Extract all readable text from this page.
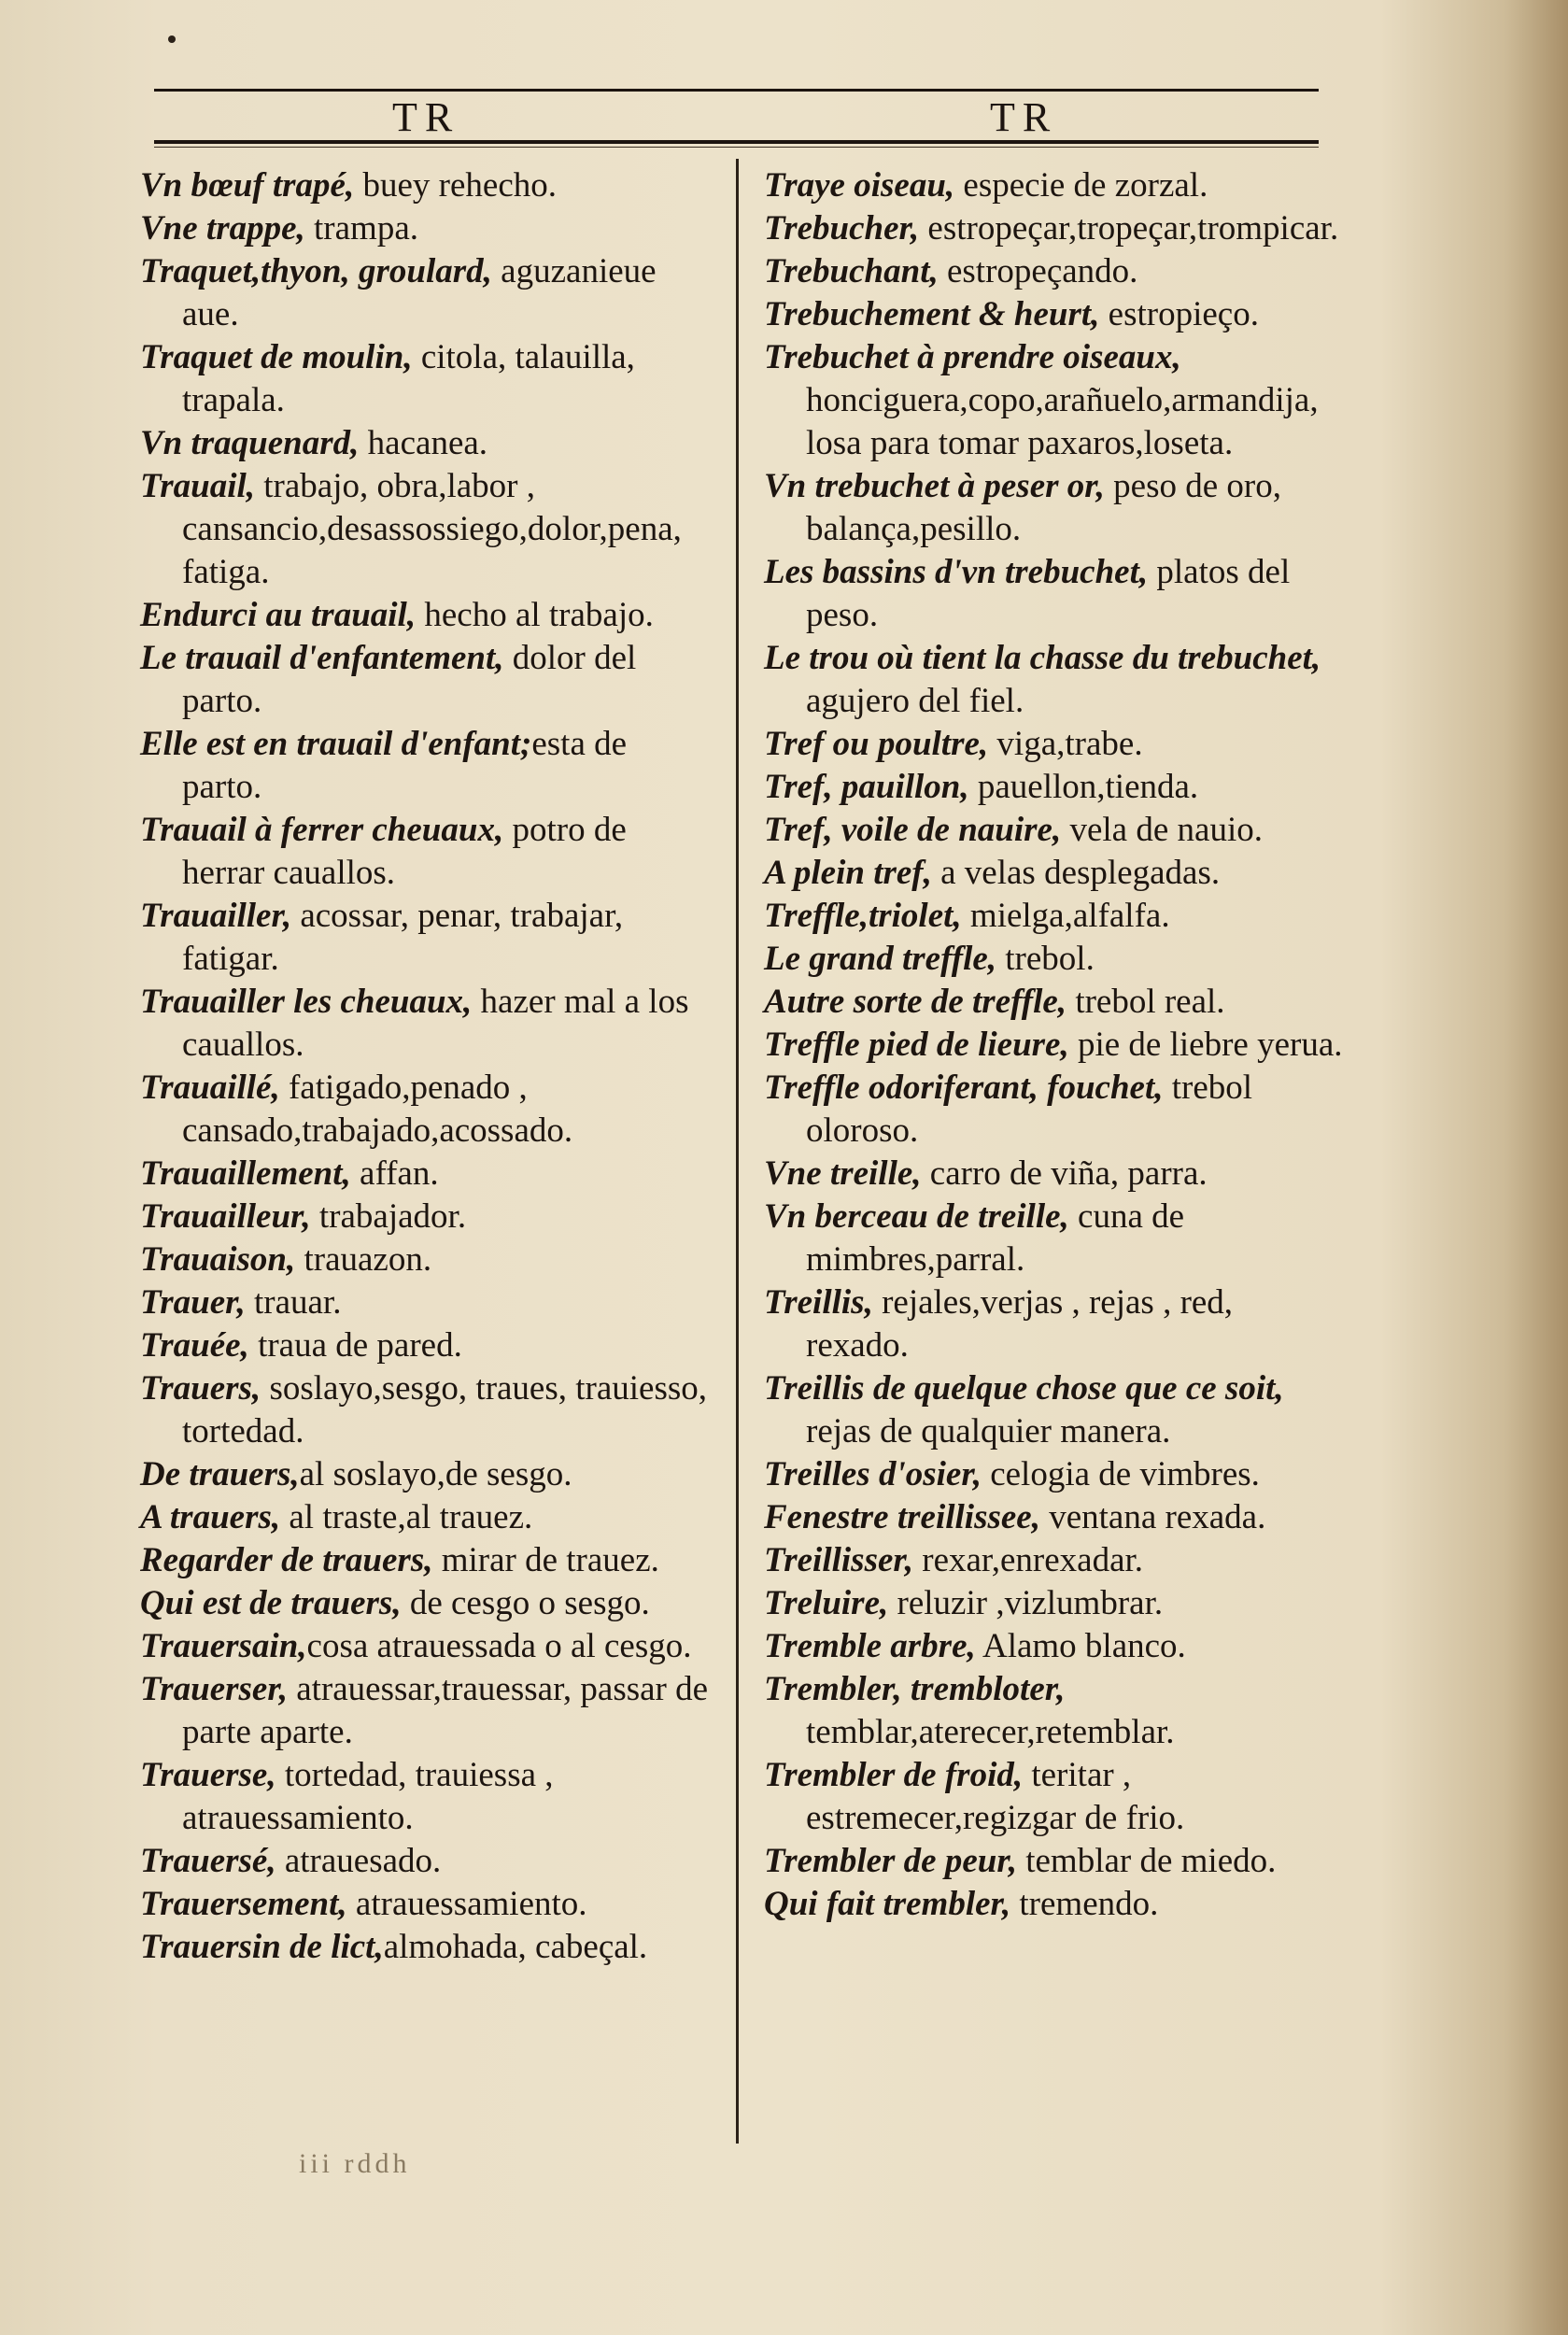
TR	TR

Vn bœuf trapé, buey rehecho.

Vne trappe, trampa.

Traquet,thyon, groulard, aguzanieue aue.

Traquet de moulin, citola, talauilla, trapala.

Vn traquenard, hacanea.

Trauail, trabajo, obra,labor , cansancio,desassossiego,dolor,pena, fatiga.

Endurci au trauail, hecho al trabajo.

Le trauail d'enfantement, dolor del parto.

Elle est en trauail d'enfant;esta de parto.

Trauail à ferrer cheuaux, potro de herrar cauallos.

Trauailler, acossar, penar, trabajar, fatigar.

Trauailler les cheuaux, hazer mal a los cauallos.

Trauaillé, fatigado,penado , cansado,trabajado,acossado.

Trauaillement, affan.

Trauailleur, trabajador.

Trauaison, trauazon.

Trauer, trauar.

Trauée, traua de pared.

Trauers, soslayo,sesgo, traues, trauiesso, tortedad.

De trauers,al soslayo,de sesgo.

A trauers, al traste,al trauez.

Regarder de trauers, mirar de trauez.

Qui est de trauers, de cesgo o sesgo.

Trauersain,cosa atrauessada o al cesgo.

Trauerser, atrauessar,trauessar, passar de parte aparte.

Trauerse, tortedad, trauiessa , atrauessamiento.

Trauersé, atrauesado.

Trauersement, atrauessamiento.

Trauersin de lict,almohada, cabeçal.

Traye oiseau, especie de zorzal.

Trebucher, estropeçar,tropeçar,trompicar.

Trebuchant, estropeçando.

Trebuchement & heurt, estropieço.

Trebuchet à prendre oiseaux, honciguera,copo,arañuelo,armandija, losa para tomar paxaros,loseta.

Vn trebuchet à peser or, peso de oro, balança,pesillo.

Les bassins d'vn trebuchet, platos del peso.

Le trou où tient la chasse du trebuchet, agujero del fiel.

Tref ou poultre, viga,trabe.

Tref, pauillon, pauellon,tienda.

Tref, voile de nauire, vela de nauio.

A plein tref, a velas desplegadas.

Treffle,triolet, mielga,alfalfa.

Le grand treffle, trebol.

Autre sorte de treffle, trebol real.

Treffle pied de lieure, pie de liebre yerua.

Treffle odoriferant, fouchet, trebol oloroso.

Vne treille, carro de viña, parra.

Vn berceau de treille, cuna de mimbres,parral.

Treillis, rejales,verjas , rejas , red, rexado.

Treillis de quelque chose que ce soit, rejas de qualquier manera.

Treilles d'osier, celogia de vimbres.

Fenestre treillissee, ventana rexada.

Treillisser, rexar,enrexadar.

Treluire, reluzir ,vizlumbrar.

Tremble arbre, Alamo blanco.

Trembler, trembloter, temblar,aterecer,retemblar.

Trembler de froid, teritar , estremecer,regizgar de frio.

Trembler de peur, temblar de miedo.

Qui fait trembler, tremendo.

iii rddh
